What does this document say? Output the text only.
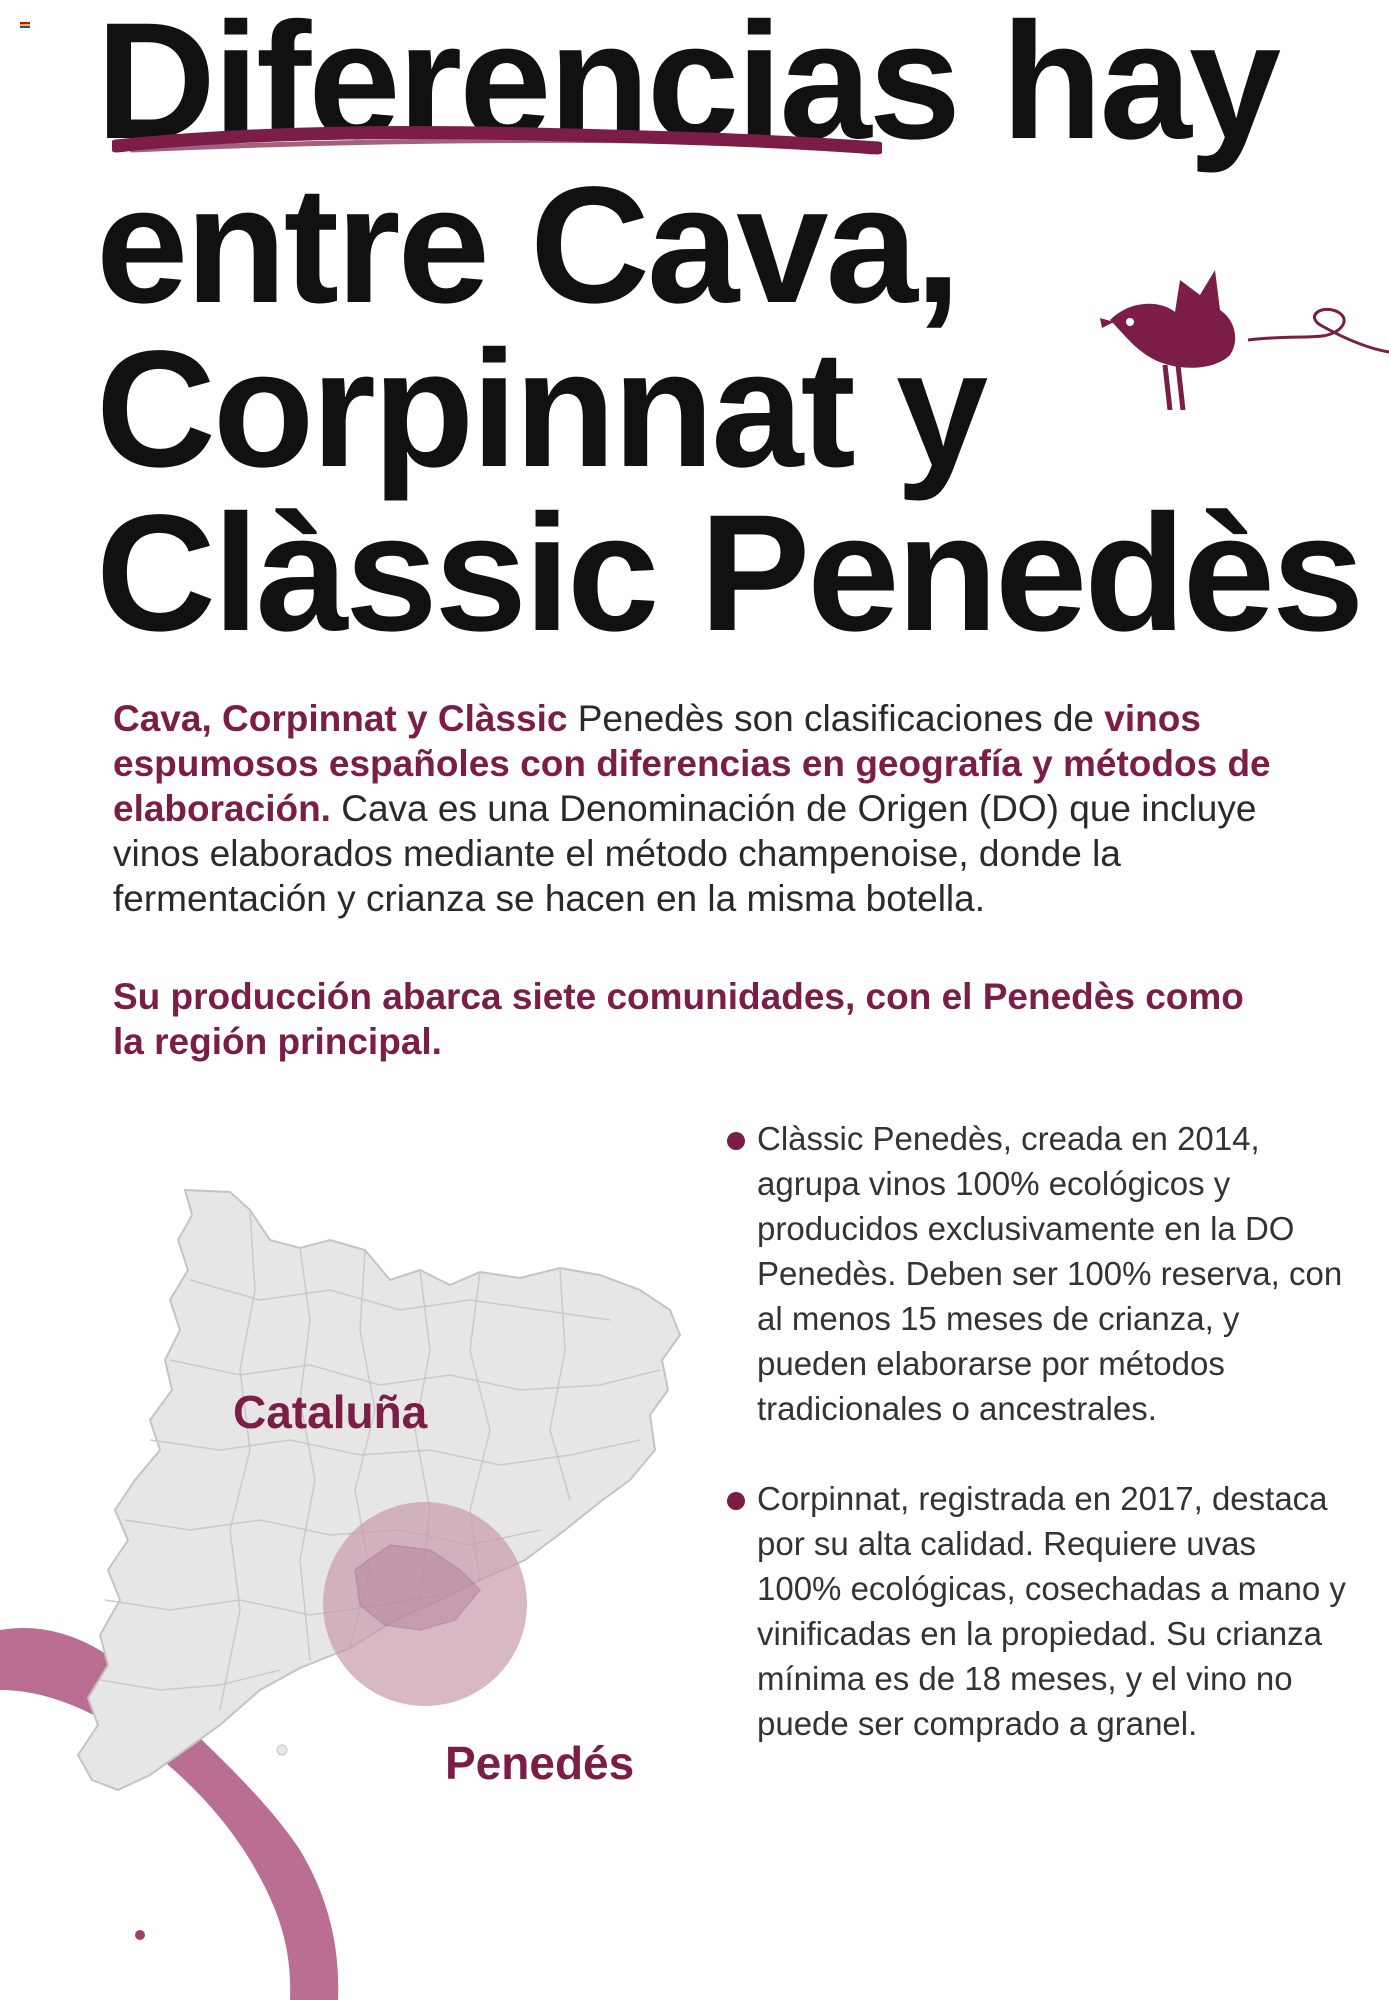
Diferencias hay
entre Cava,
Corpinnat y
Clàssic Penedès

Cava, Corpinnat y Clàssic Penedès son clasificaciones de vinos espumosos españoles con diferencias en geografía y métodos de elaboración. Cava es una Denominación de Origen (DO) que incluye vinos elaborados mediante el método champenoise, donde la fermentación y crianza se hacen en la misma botella.

Su producción abarca siete comunidades, con el Penedès como la región principal.

Cataluña

Penedés

Clàssic Penedès, creada en 2014, agrupa vinos 100% ecológicos y producidos exclusivamente en la DO Penedès. Deben ser 100% reserva, con al menos 15 meses de crianza, y pueden elaborarse por métodos tradicionales o ancestrales.
Corpinnat, registrada en 2017, destaca por su alta calidad. Requiere uvas 100% ecológicas, cosechadas a mano y vinificadas en la propiedad. Su crianza mínima es de 18 meses, y el vino no puede ser comprado a granel.
